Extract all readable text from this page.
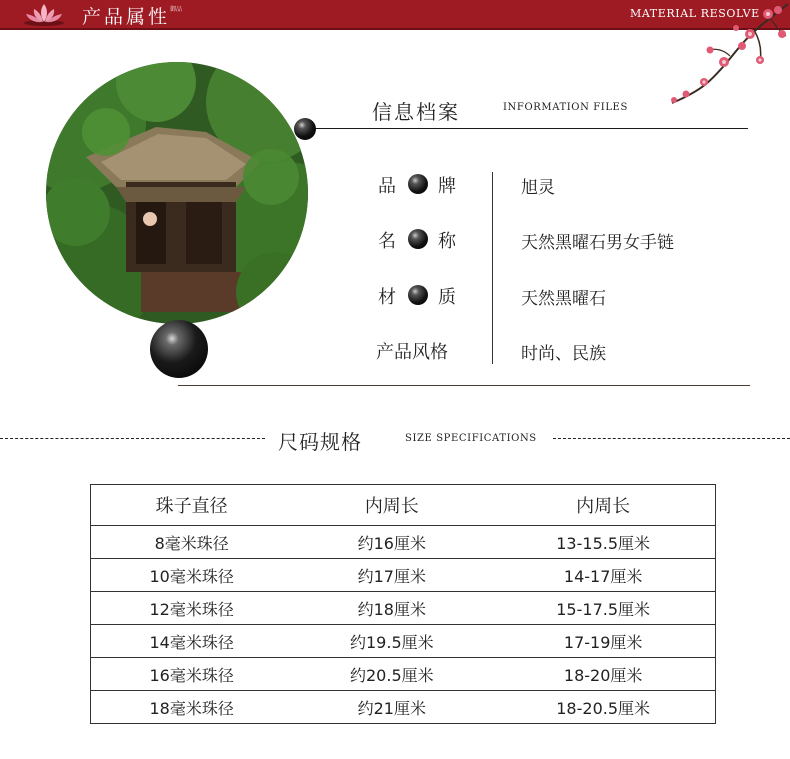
产品属性 御品	MATERIAL RESOLVE
信息档案	INFORMATION FILES
品 牌	旭灵
名 称	天然黑曜石男女手链
材 质	天然黑曜石
产品风格	时尚、民族
尺码规格	SIZE SPECIFICATIONS
珠子直径	内周长	内周长
8毫米珠径	约16厘米	13-15.5厘米
10毫米珠径	约17厘米	14-17厘米
12毫米珠径	约18厘米	15-17.5厘米
14毫米珠径	约19.5厘米	17-19厘米
16毫米珠径	约20.5厘米	18-20厘米
18毫米珠径	约21厘米	18-20.5厘米
